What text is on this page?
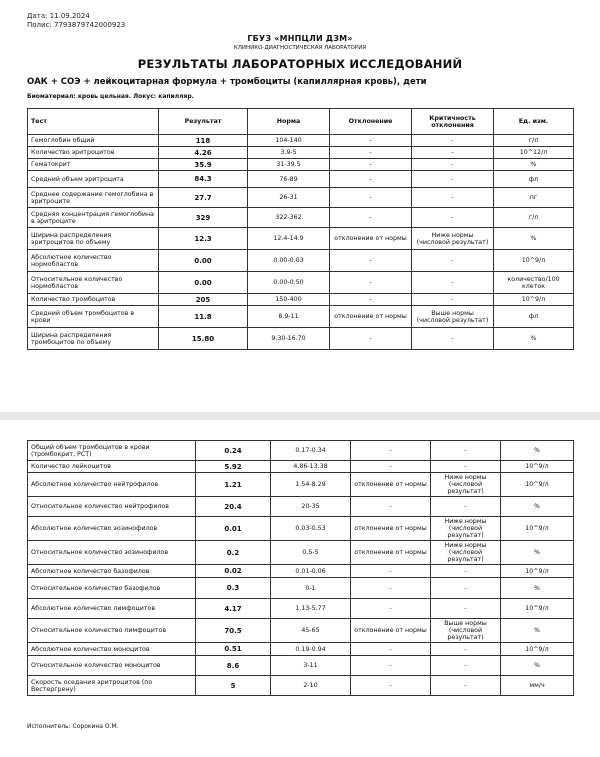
Дата: 11.09.2024
Полис: 7793879742000923
ГБУЗ «МНПЦЛИ ДЗМ»
КЛИНИКО-ДИАГНОСТИЧЕСКАЯ ЛАБОРАТОРИЯ
РЕЗУЛЬТАТЫ ЛАБОРАТОРНЫХ ИССЛЕДОВАНИЙ
ОАК + СОЭ + лейкоцитарная формула + тромбоциты (капиллярная кровь), дети
Биоматериал: кровь цельная. Локус: капилляр.
Тест	Результат	Норма	Отклонение	Критичность отклонения	Ед. изм.
Гемоглобин общий	118	104-140	-	-	г/л
Количество эритроцитов	4.26	3.9-5	-	-	10^12/л
Гематокрит	35.9	31-39.5	-	-	%
Средний объем эритроцита	84.3	76-89	-	-	фл
Среднее содержание гемоглобина в эритроците	27.7	26-31	-	-	пг
Средняя концентрация гемоглобина в эритроците	329	322-362	-	-	г/л
Ширина распределения эритроцитов по объему	12.3	12.4-14.9	отклонение от нормы	Ниже нормы (числовой результат)	%
Абсолютное количество нормобластов	0.00	0.00-0.03	-	-	10^9/л
Относительное количество нормобластов	0.00	0.00-0.50	-	-	количество/100 клеток
Количество тромбоцитов	205	150-400	-	-	10^9/л
Средний объем тромбоцитов в крови	11.8	8.9-11	отклонение от нормы	Выше нормы (числовой результат)	фл
Ширина распределения тромбоцитов по объему	15.80	9.30-16.70	-	-	%
Общий объем тромбоцитов в крови (тромбокрит, PCT)	0.24	0.17-0.34	-	-	%
Количество лейкоцитов	5.92	4.86-13.38	-	-	10^9/л
Абсолютное количество нейтрофилов	1.21	1.54-8.29	отклонение от нормы	Ниже нормы (числовой результат)	10^9/л
Относительное количество нейтрофилов	20.4	20-35	-	-	%
Абсолютное количество эозинофилов	0.01	0.03-0.53	отклонение от нормы	Ниже нормы (числовой результат)	10^9/л
Относительное количество эозинофилов	0.2	0.5-5	отклонение от нормы	Ниже нормы (числовой результат)	%
Абсолютное количество базофилов	0.02	0.01-0.06	-	-	10^9/л
Относительное количество базофилов	0.3	0-1	-	-	%
Абсолютное количество лимфоцитов	4.17	1.13-5.77	-	-	10^9/л
Относительное количество лимфоцитов	70.5	45-65	отклонение от нормы	Выше нормы (числовой результат)	%
Абсолютное количество моноцитов	0.51	0.19-0.94	-	-	10^9/л
Относительное количество моноцитов	8.6	3-11	-	-	%
Скорость оседания эритроцитов (по Вестергрену)	5	2-10	-	-	мм/ч
Исполнитель: Сорокина О.М.
